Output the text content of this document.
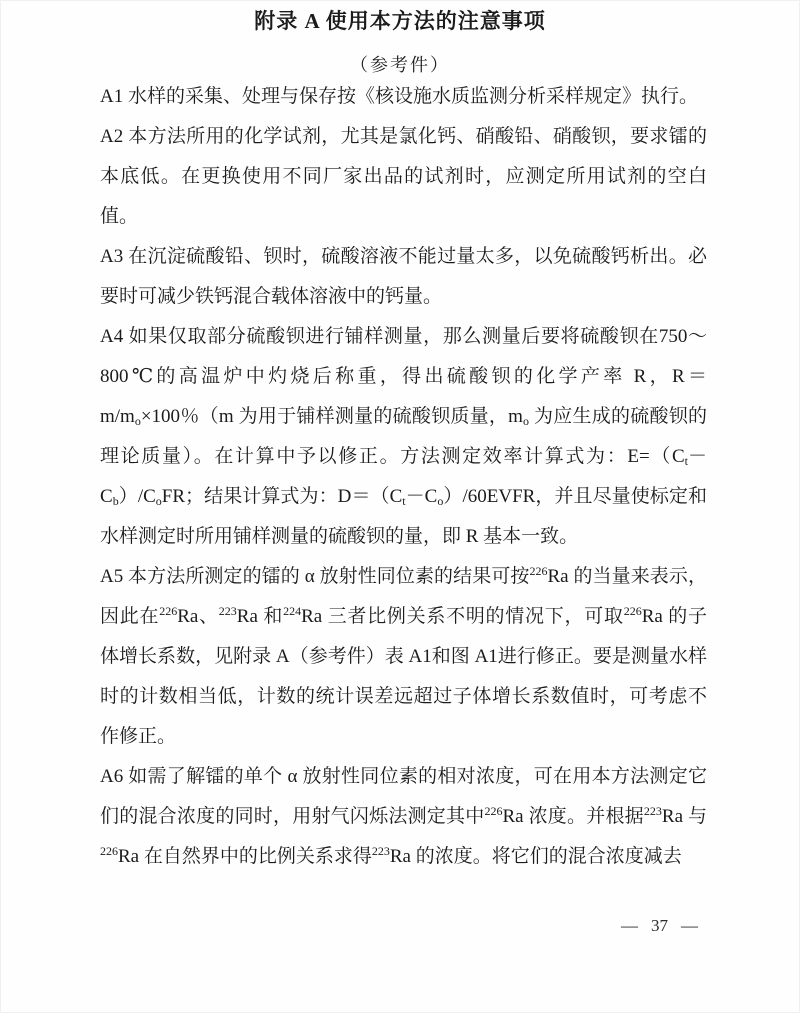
附录 A 使用本方法的注意事项
（参考件）

A1 水样的采集、处理与保存按《核设施水质监测分析采样规定》执行。

A2 本方法所用的化学试剂，尤其是氯化钙、硝酸铅、硝酸钡，要求镭的本底低。在更换使用不同厂家出品的试剂时，应测定所用试剂的空白值。

A3 在沉淀硫酸铅、钡时，硫酸溶液不能过量太多，以免硫酸钙析出。必要时可减少铁钙混合载体溶液中的钙量。

A4 如果仅取部分硫酸钡进行铺样测量，那么测量后要将硫酸钡在750～800℃的高温炉中灼烧后称重，得出硫酸钡的化学产率 R，$R=m/m_o\times 100$％（m 为用于铺样测量的硫酸钡质量，$m_o$ 为应生成的硫酸钡的理论质量）。在计算中予以修正。方法测定效率计算式为：$E=(C_t-C_b)/C_oFR$；结果计算式为：$D=(C_t-C_o)/60EVFR$，并且尽量使标定和水样测定时所用铺样测量的硫酸钡的量，即 R 基本一致。

A5 本方法所测定的镭的 α 放射性同位素的结果可按$^{226}$Ra 的当量来表示，因此在$^{226}$Ra、$^{223}$Ra 和$^{224}$Ra 三者比例关系不明的情况下，可取$^{226}$Ra 的子体增长系数，见附录 A（参考件）表 A1和图 A1进行修正。要是测量水样时的计数相当低，计数的统计误差远超过子体增长系数值时，可考虑不作修正。

A6 如需了解镭的单个 α 放射性同位素的相对浓度，可在用本方法测定它们的混合浓度的同时，用射气闪烁法测定其中$^{226}$Ra 浓度。并根据$^{223}$Ra 与$^{226}$Ra 在自然界中的比例关系求得$^{223}$Ra 的浓度。将它们的混合浓度减去

— 37 —
